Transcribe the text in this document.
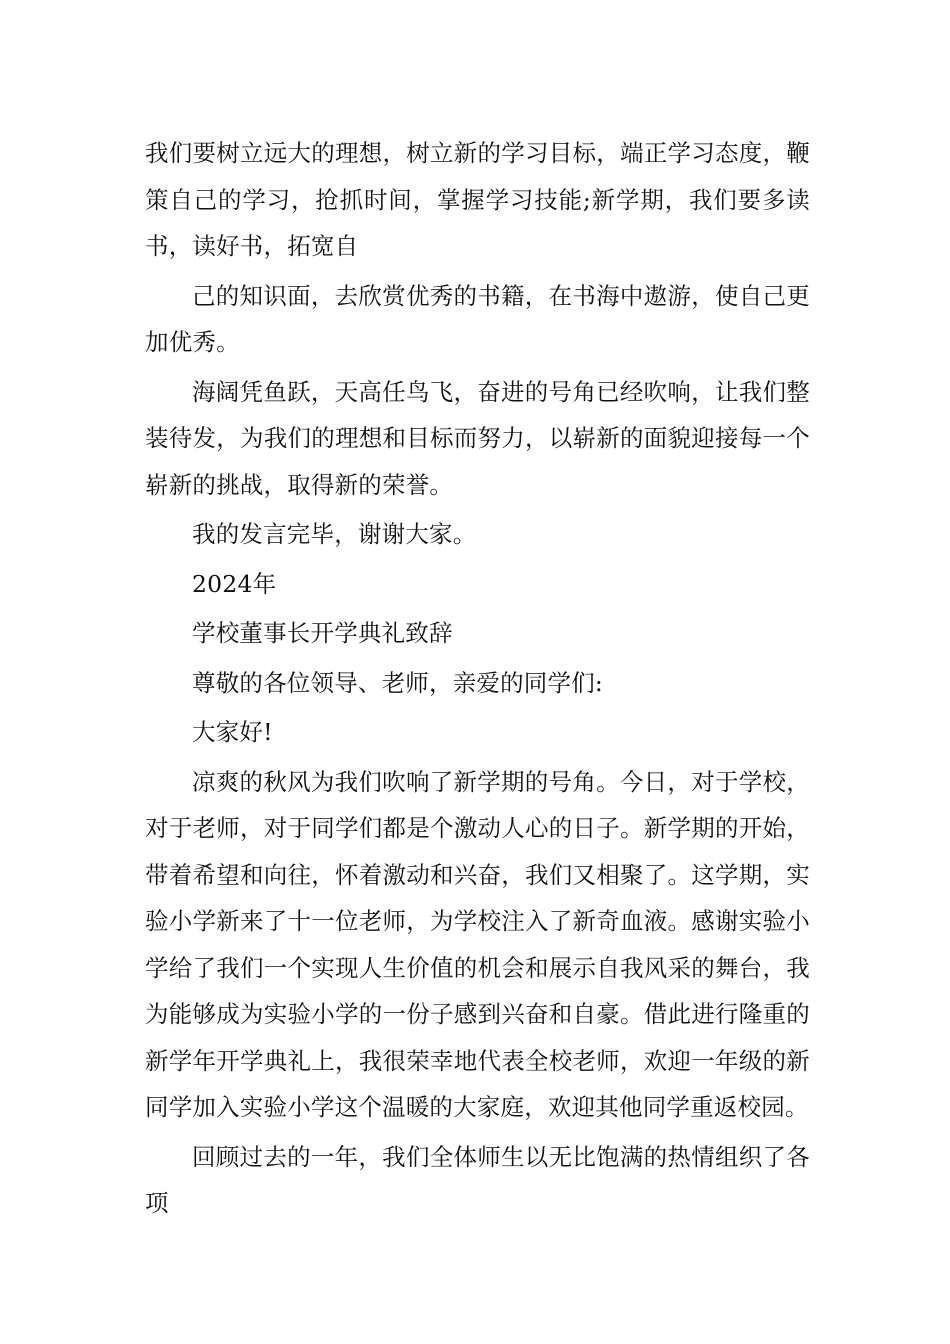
我们要树立远大的理想，树立新的学习目标，端正学习态度，鞭策自己的学习，抢抓时间，掌握学习技能;新学期，我们要多读书，读好书，拓宽自

己的知识面，去欣赏优秀的书籍，在书海中遨游，使自己更加优秀。

海阔凭鱼跃，天高任鸟飞，奋进的号角已经吹响，让我们整装待发，为我们的理想和目标而努力，以崭新的面貌迎接每一个崭新的挑战，取得新的荣誉。

我的发言完毕，谢谢大家。

2024年

学校董事长开学典礼致辞

尊敬的各位领导、老师，亲爱的同学们:

大家好!

凉爽的秋风为我们吹响了新学期的号角。今日，对于学校，对于老师，对于同学们都是个激动人心的日子。新学期的开始，带着希望和向往，怀着激动和兴奋，我们又相聚了。这学期，实验小学新来了十一位老师，为学校注入了新奇血液。感谢实验小学给了我们一个实现人生价值的机会和展示自我风采的舞台，我为能够成为实验小学的一份子感到兴奋和自豪。借此进行隆重的新学年开学典礼上，我很荣幸地代表全校老师，欢迎一年级的新同学加入实验小学这个温暖的大家庭，欢迎其他同学重返校园。

回顾过去的一年，我们全体师生以无比饱满的热情组织了各项
